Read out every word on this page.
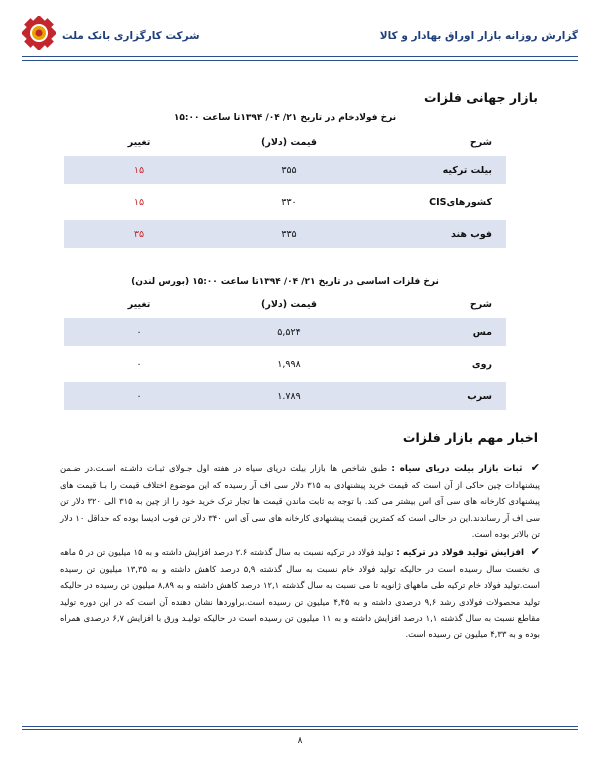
شرکت کارگزاری بانک ملت	گزارش روزانه بازار اوراق بهادار و کالا
بازار جهانی فلزات
نرخ فولادخام در تاریخ ۲۱/ ۰۴/ ۱۳۹۴تا ساعت ۱۵:۰۰
تغییر	قیمت (دلار)	شرح
۱۵	۳۵۵	بیلت ترکیه

۱۵	۳۳۰	کشورهایCIS

۳۵	۳۳۵	فوب هند
نرخ فلزات اساسی در تاریخ ۲۱/ ۰۴/ ۱۳۹۴تا ساعت ۱۵:۰۰ (بورس لندن)
تغییر	قیمت (دلار)	شرح
۰	۵,۵۲۴	مس

۰	۱,۹۹۸	روی

۰	۱.۷۸۹	سرب
اخبار مهم بازار فلزات

✔ ثبات بازار بیلت دریای سیاه : طبق شاخص ها بازار بیلت دریای سیاه در هفته اول جـولای ثبـات داشـته اسـت.در ضـمن پیشنهادات چین حاکی از آن است که قیمت خرید پیشنهادی به ۳۱۵ دلار سی اف آر رسیده که این موضوع اختلاف قیمت را بـا قیمت های پیشنهادی کارخانه های سی آی اس بیشتر می کند. با توجه به ثابت ماندن قیمت ها تجار ترک خرید خود را از چین به ۳۱۵ الی ۳۲۰ دلار تن سی اف آر رساندند.این در حالی است که کمترین قیمت پیشنهادی کارخانه های سی آی اس ۳۴۰ دلار تن فوب ادیسا بوده که حداقل ۱۰ دلار تن بالاتر بوده است.

✔ افزایش تولید فولاد در ترکیه : تولید فولاد در ترکیه نسبت به سال گذشته ۲.۶ درصد افزایش داشته و به ۱۵ میلیون تن در ۵ ماهه ی نخست سال رسیده است در حالیکه تولید فولاد خام نسبت به سال گذشته ۵,۹ درصد کاهش داشته و به ۱۳,۳۵ میلیون تن رسیده است.تولید فولاد خام ترکیه طی ماههای ژانویه تا می نسبت به سال گذشته ۱۲,۱ درصد کاهش داشته و به ۸,۸۹ میلیون تن رسیده در حالیکه تولید محصولات فولادی رشد ۹,۶ درصدی داشته و به ۴,۴۵ میلیون تن رسیده است.براوردها نشان دهنده آن است که در این دوره تولید مقاطع نسبت به سال گذشته ۱,۱ درصد افزایش داشته و به ۱۱ میلیون تن رسیده است در حالیکه تولیـد ورق با افزایش ۶,۷ درصدی همراه بوده و به ۴,۳۳ میلیون تن رسیده است.

۸
